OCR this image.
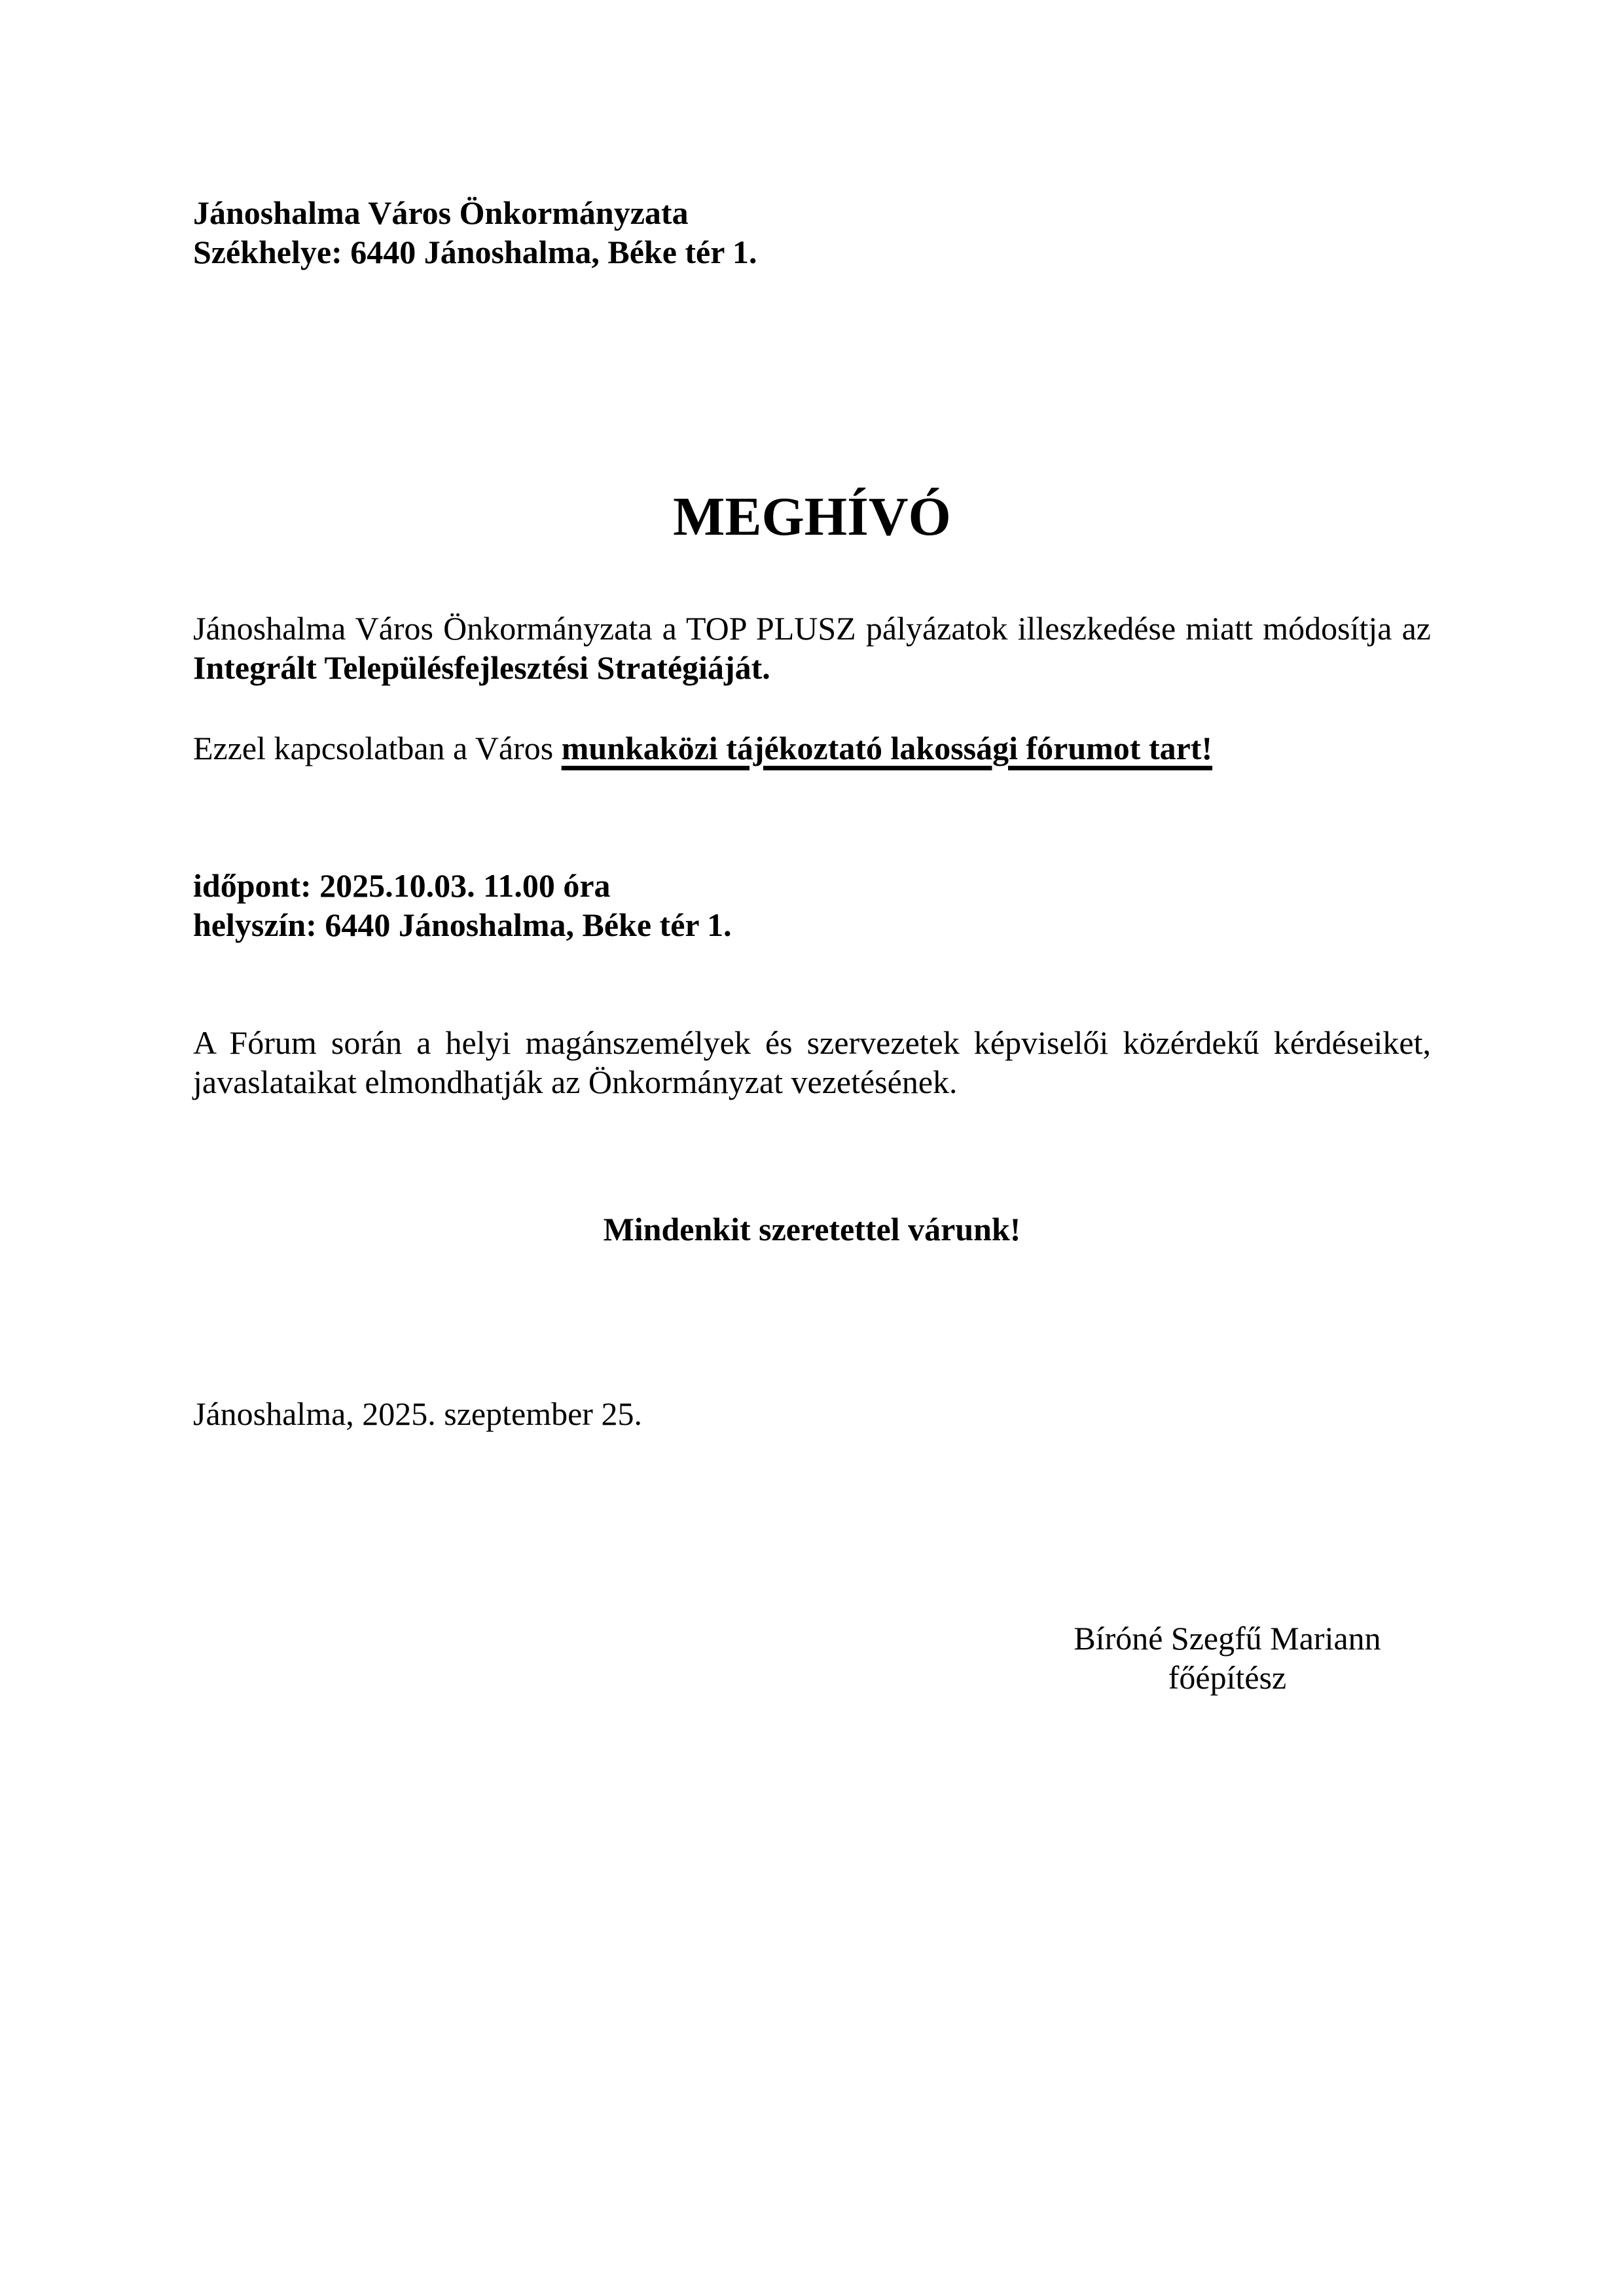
Jánoshalma Város Önkormányzata
Székhelye: 6440 Jánoshalma, Béke tér 1.
MEGHÍVÓ
Jánoshalma Város Önkormányzata a TOP PLUSZ pályázatok illeszkedése miatt módosítja az
Integrált Településfejlesztési Stratégiáját.
Ezzel kapcsolatban a Város munkaközi tájékoztató lakossági fórumot tart!
időpont: 2025.10.03. 11.00 óra
helyszín: 6440 Jánoshalma, Béke tér 1.
A Fórum során a helyi magánszemélyek és szervezetek képviselői közérdekű kérdéseiket,
javaslataikat elmondhatják az Önkormányzat vezetésének.
Mindenkit szeretettel várunk!
Jánoshalma, 2025. szeptember 25.
Bíróné Szegfű Mariann
főépítész
